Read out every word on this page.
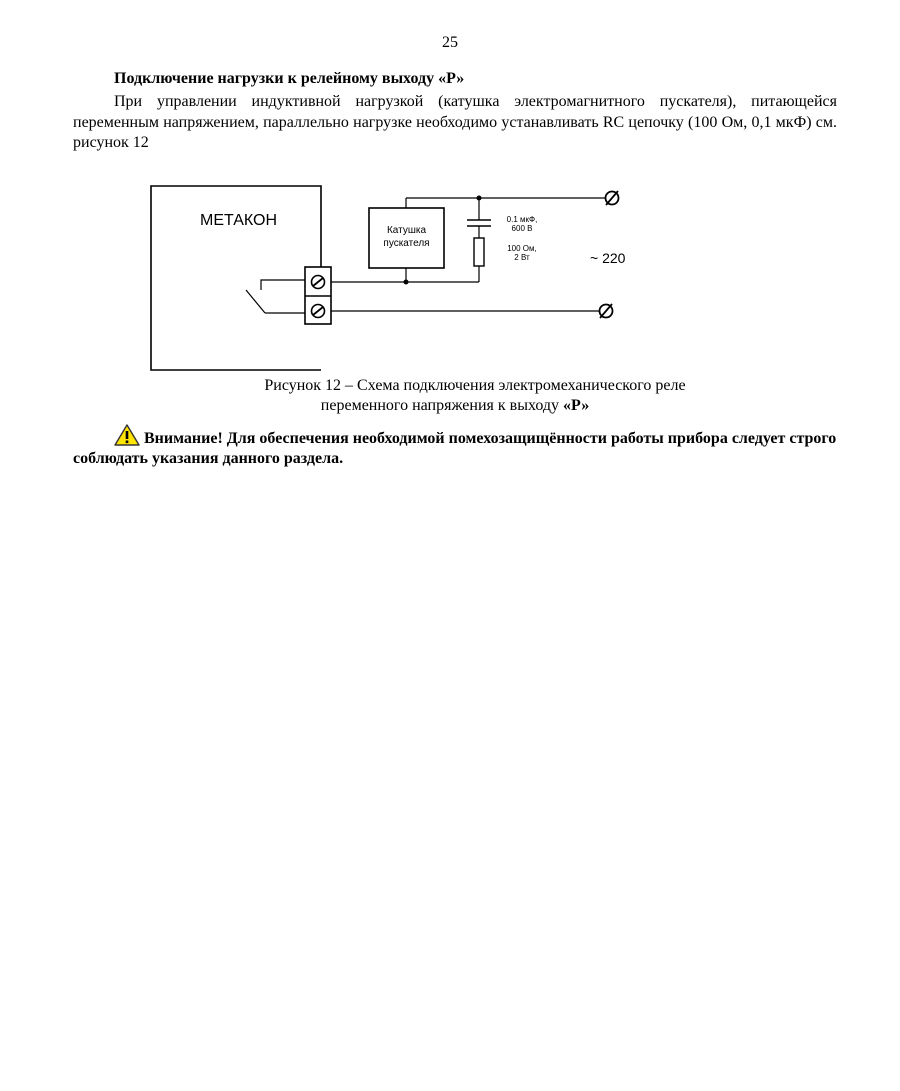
25
Подключение нагрузки к релейному выходу «Р»

При управлении индуктивной нагрузкой (катушка электромагнитного пускателя), питающейся переменным напряжением, параллельно нагрузке необходимо устанавливать RC цепочку (100 Ом, 0,1 мкФ) см. рисунок 12

МЕТАКОН
Катушка
пускателя
0.1 мкФ,
600 В
100 Ом,
2 Вт	~ 220
Рисунок 12 – Схема подключения электромеханического реле
переменного напряжения к выходу «Р»

Внимание! Для обеспечения необходимой помехозащищённости работы прибора следует строго соблюдать указания данного раздела.
